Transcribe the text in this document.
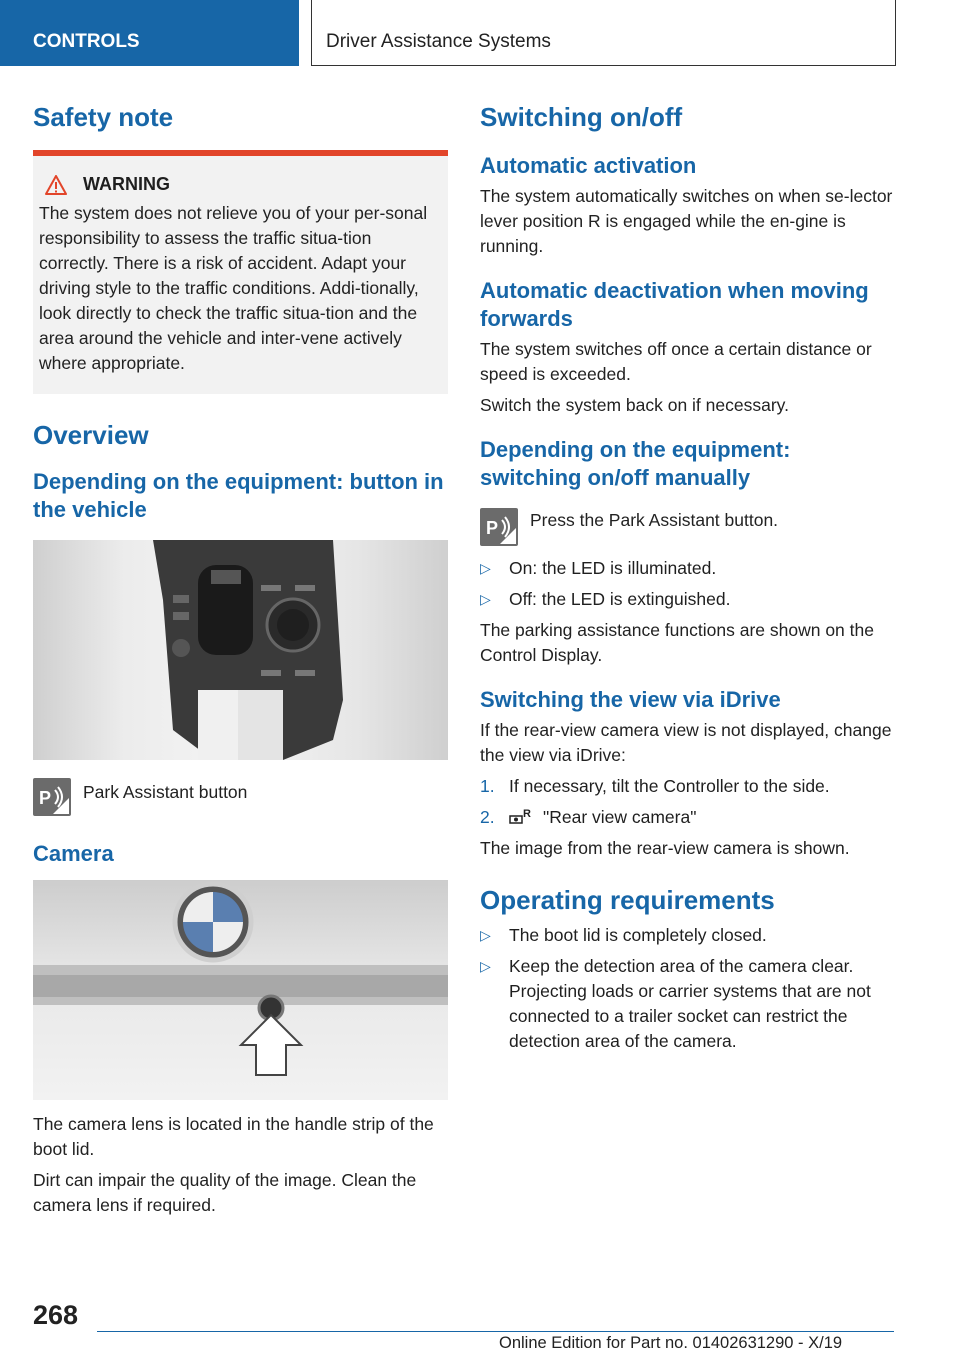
CONTROLS	Driver Assistance Systems
Safety note
WARNING

The system does not relieve you of your per-sonal responsibility to assess the traffic situa-tion correctly. There is a risk of accident. Adapt your driving style to the traffic conditions. Addi-tionally, look directly to check the traffic situa-tion and the area around the vehicle and inter-vene actively where appropriate.

Overview
Depending on the equipment: button in the vehicle
P Park Assistant button

Camera

The camera lens is located in the handle strip of the boot lid.

Dirt can impair the quality of the image. Clean the camera lens if required.

Switching on/off
Automatic activation

The system automatically switches on when se-lector lever position R is engaged while the en-gine is running.

Automatic deactivation when moving forwards

The system switches off once a certain distance or speed is exceeded.

Switch the system back on if necessary.

Depending on the equipment: switching on/off manually
P Press the Park Assistant button.

▷	On: the LED is illuminated.
▷	Off: the LED is extinguished.

The parking assistance functions are shown on the Control Display.

Switching the view via iDrive

If the rear-view camera view is not displayed, change the view via iDrive:

1. If necessary, tilt the Controller to the side.
2.	R "Rear view camera"

The image from the rear-view camera is shown.

Operating requirements
▷	The boot lid is completely closed.
▷	Keep the detection area of the camera clear. Projecting loads or carrier systems that are not connected to a trailer socket can restrict the detection area of the camera.
268
Online Edition for Part no. 01402631290 - X/19
